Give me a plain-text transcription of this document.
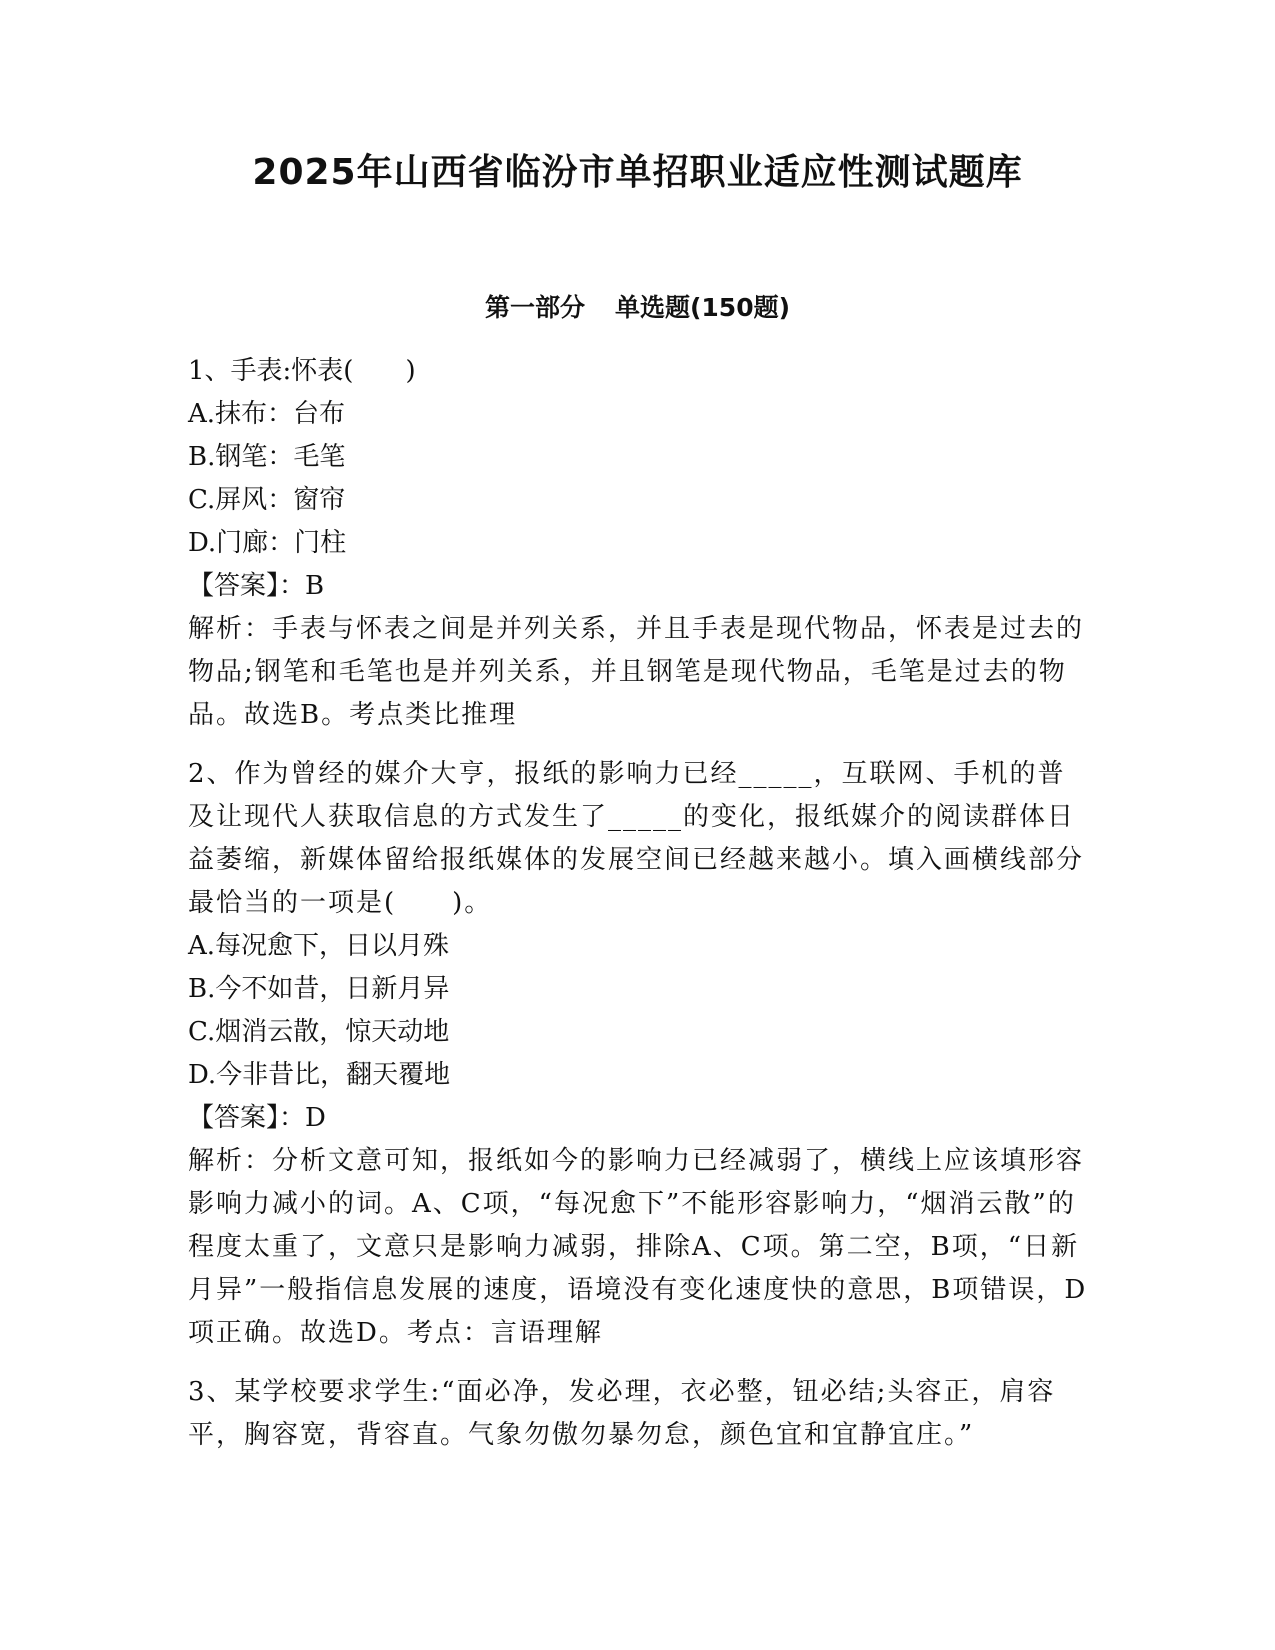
2025年山西省临汾市单招职业适应性测试题库
第一部分 单选题(150题)
1、手表:怀表(　　)
A.抹布：台布
B.钢笔：毛笔
C.屏风：窗帘
D.门廊：门柱
【答案】：B
解析：手表与怀表之间是并列关系，并且手表是现代物品，怀表是过去的物品;钢笔和毛笔也是并列关系，并且钢笔是现代物品，毛笔是过去的物品。故选B。考点类比推理
2、作为曾经的媒介大亨，报纸的影响力已经_____，互联网、手机的普及让现代人获取信息的方式发生了_____的变化，报纸媒介的阅读群体日益萎缩，新媒体留给报纸媒体的发展空间已经越来越小。填入画横线部分最恰当的一项是(　　)。
A.每况愈下，日以月殊
B.今不如昔，日新月异
C.烟消云散，惊天动地
D.今非昔比，翻天覆地
【答案】：D
解析：分析文意可知，报纸如今的影响力已经减弱了，横线上应该填形容影响力减小的词。A、C项，“每况愈下”不能形容影响力，“烟消云散”的程度太重了，文意只是影响力减弱，排除A、C项。第二空，B项，“日新月异”一般指信息发展的速度，语境没有变化速度快的意思，B项错误，D项正确。故选D。考点：言语理解
3、某学校要求学生:“面必净，发必理，衣必整，钮必结;头容正，肩容平，胸容宽，背容直。气象勿傲勿暴勿怠，颜色宜和宜静宜庄。”
